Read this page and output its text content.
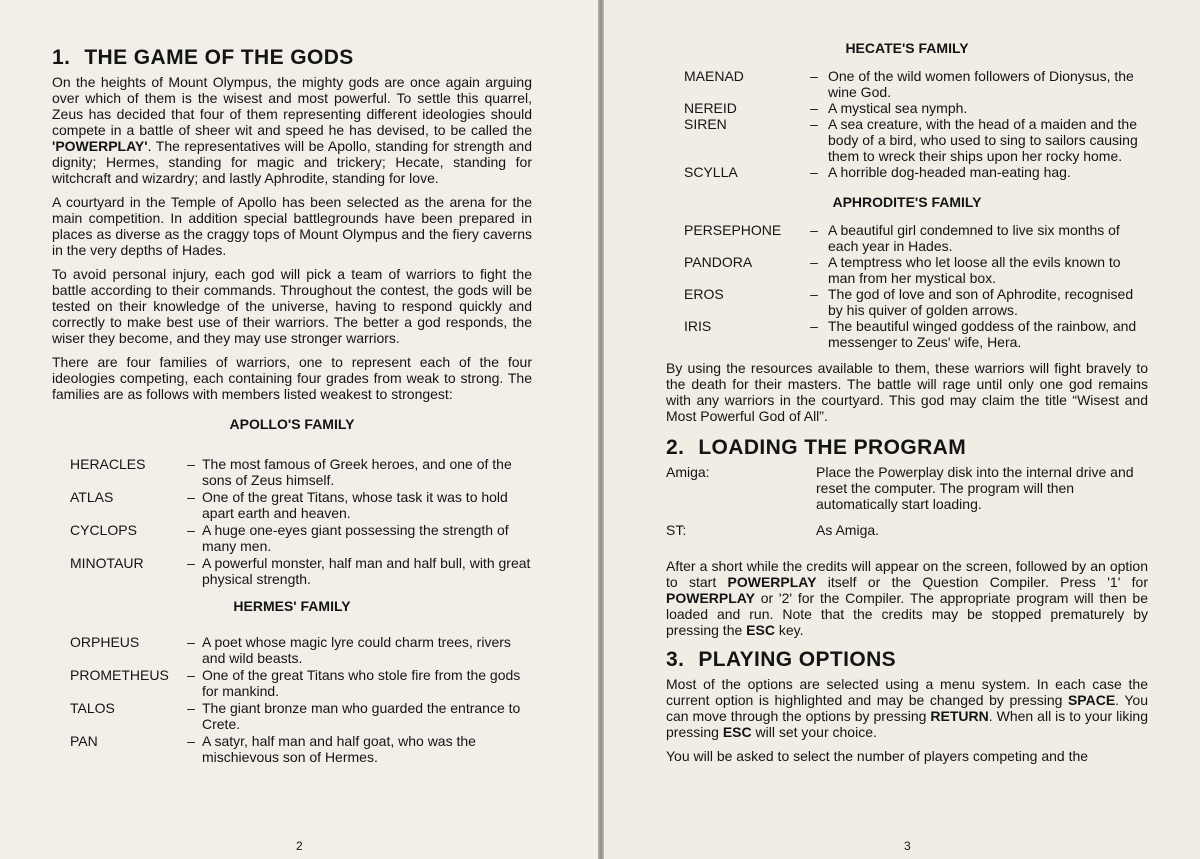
1. THE GAME OF THE GODS

On the heights of Mount Olympus, the mighty gods are once again arguing over which of them is the wisest and most powerful. To settle this quarrel, Zeus has decided that four of them representing different ideologies should compete in a battle of sheer wit and speed he has devised, to be called the 'POWERPLAY'. The representatives will be Apollo, standing for strength and dignity; Hermes, standing for magic and trickery; Hecate, standing for witchcraft and wizardry; and lastly Aphrodite, standing for love.

A courtyard in the Temple of Apollo has been selected as the arena for the main competition. In addition special battlegrounds have been prepared in places as diverse as the craggy tops of Mount Olympus and the fiery caverns in the very depths of Hades.

To avoid personal injury, each god will pick a team of warriors to fight the battle according to their commands. Throughout the contest, the gods will be tested on their knowledge of the universe, having to respond quickly and correctly to make best use of their warriors. The better a god responds, the wiser they become, and they may use stronger warriors.

There are four families of warriors, one to represent each of the four ideologies competing, each containing four grades from weak to strong. The families are as follows with members listed weakest to strongest:

APOLLO'S FAMILY
HERACLES	–	The most famous of Greek heroes, and one of the sons of Zeus himself.
ATLAS	–	One of the great Titans, whose task it was to hold apart earth and heaven.
CYCLOPS	–	A huge one-eyes giant possessing the strength of many men.
MINOTAUR	–	A powerful monster, half man and half bull, with great physical strength.
HERMES' FAMILY
ORPHEUS	–	A poet whose magic lyre could charm trees, rivers and wild beasts.
PROMETHEUS	–	One of the great Titans who stole fire from the gods for mankind.
TALOS	–	The giant bronze man who guarded the entrance to Crete.
PAN	–	A satyr, half man and half goat, who was the mischievous son of Hermes.
2
HECATE'S FAMILY
MAENAD	–	One of the wild women followers of Dionysus, the wine God.
NEREID	–	A mystical sea nymph.
SIREN	–	A sea creature, with the head of a maiden and the body of a bird, who used to sing to sailors causing them to wreck their ships upon her rocky home.
SCYLLA	–	A horrible dog-headed man-eating hag.
APHRODITE'S FAMILY
PERSEPHONE	–	A beautiful girl condemned to live six months of each year in Hades.
PANDORA	–	A temptress who let loose all the evils known to man from her mystical box.
EROS	–	The god of love and son of Aphrodite, recognised by his quiver of golden arrows.
IRIS	–	The beautiful winged goddess of the rainbow, and messenger to Zeus' wife, Hera.

By using the resources available to them, these warriors will fight bravely to the death for their masters. The battle will rage until only one god remains with any warriors in the courtyard. This god may claim the title “Wisest and Most Powerful God of All”.

2. LOADING THE PROGRAM
Amiga:	Place the Powerplay disk into the internal drive and reset the computer. The program will then automatically start loading.
ST:	As Amiga.

After a short while the credits will appear on the screen, followed by an option to start POWERPLAY itself or the Question Compiler. Press '1' for POWERPLAY or '2' for the Compiler. The appropriate program will then be loaded and run. Note that the credits may be stopped prematurely by pressing the ESC key.

3. PLAYING OPTIONS

Most of the options are selected using a menu system. In each case the current option is highlighted and may be changed by pressing SPACE. You can move through the options by pressing RETURN. When all is to your liking pressing ESC will set your choice.

You will be asked to select the number of players competing and the

3
